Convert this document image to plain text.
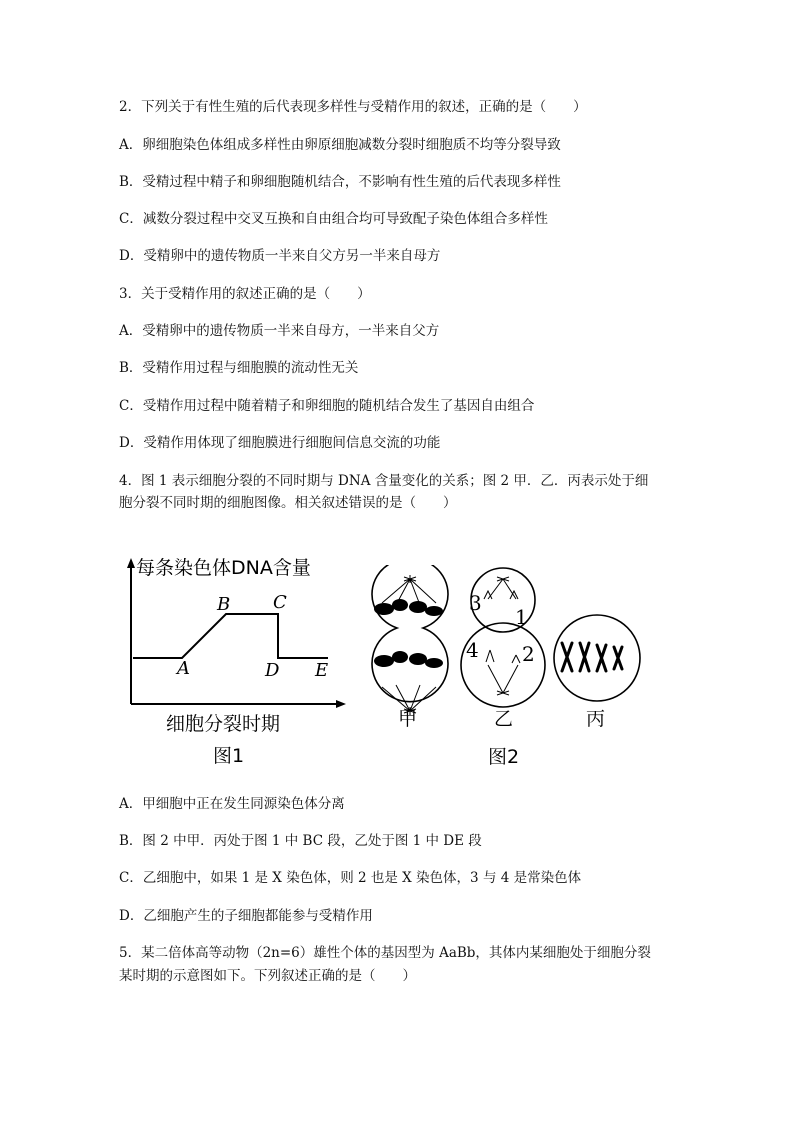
2．下列关于有性生殖的后代表现多样性与受精作用的叙述，正确的是（　　）
A．卵细胞染色体组成多样性由卵原细胞减数分裂时细胞质不均等分裂导致
B．受精过程中精子和卵细胞随机结合，不影响有性生殖的后代表现多样性
C．减数分裂过程中交叉互换和自由组合均可导致配子染色体组合多样性
D．受精卵中的遗传物质一半来自父方另一半来自母方
3．关于受精作用的叙述正确的是（　　）
A．受精卵中的遗传物质一半来自母方，一半来自父方
B．受精作用过程与细胞膜的流动性无关
C．受精作用过程中随着精子和卵细胞的随机结合发生了基因自由组合
D．受精作用体现了细胞膜进行细胞间信息交流的功能
4．图 1 表示细胞分裂的不同时期与 DNA 含量变化的关系；图 2 甲．乙．丙表示处于细
胞分裂不同时期的细胞图像。相关叙述错误的是（　　）
每条染色体DNA含量
A
B C
D E
细胞分裂时期
图1
3
1
4 2
甲	乙	丙
图2
A．甲细胞中正在发生同源染色体分离
B．图 2 中甲．丙处于图 1 中 BC 段，乙处于图 1 中 DE 段
C．乙细胞中，如果 1 是 X 染色体，则 2 也是 X 染色体，3 与 4 是常染色体
D．乙细胞产生的子细胞都能参与受精作用
5．某二倍体高等动物（2n=6）雄性个体的基因型为 AaBb，其体内某细胞处于细胞分裂
某时期的示意图如下。下列叙述正确的是（　　）
